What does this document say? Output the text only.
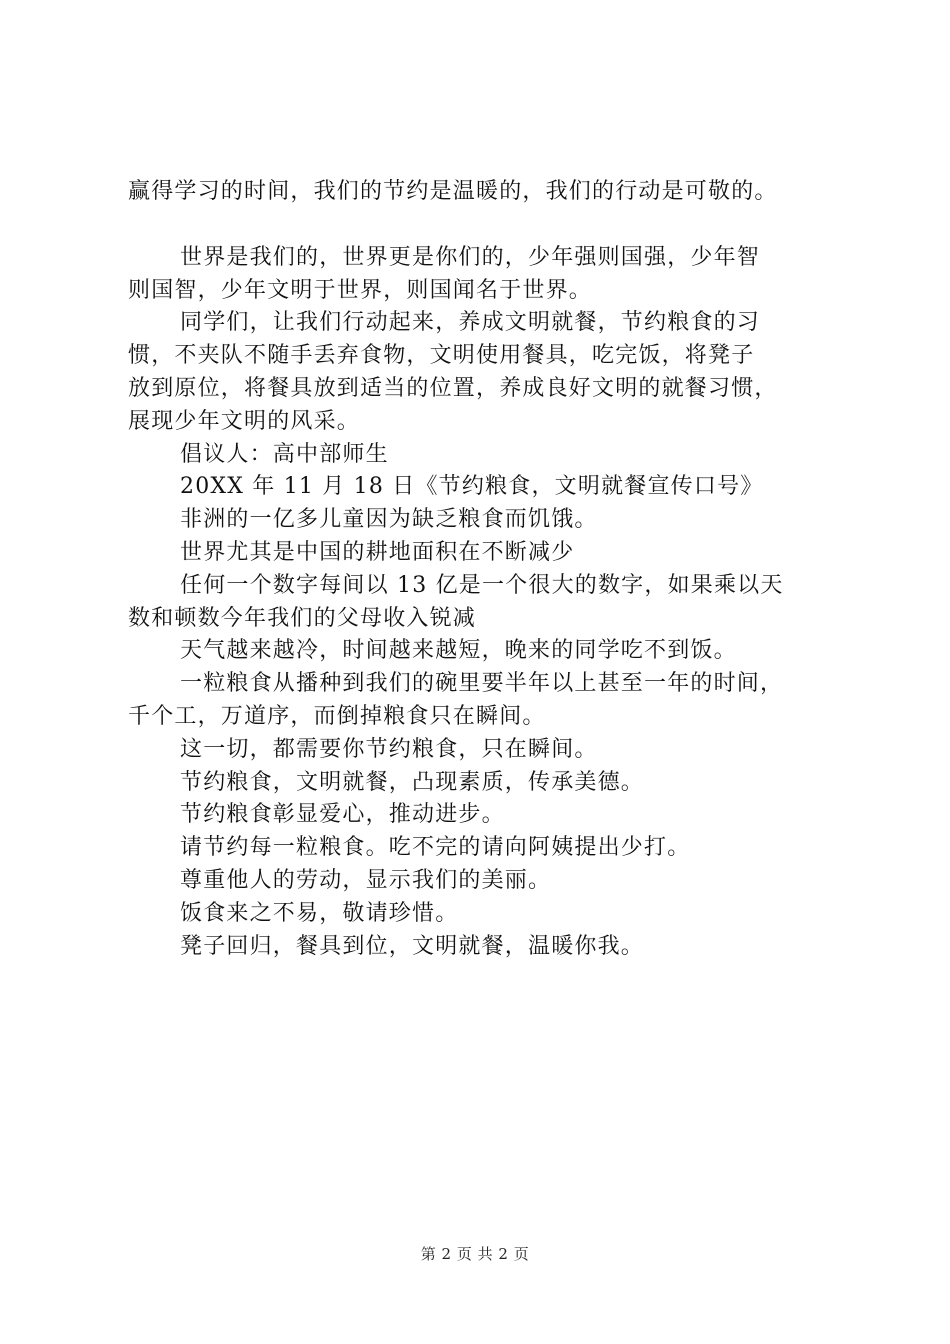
赢得学习的时间，我们的节约是温暖的，我们的行动是可敬的。

世界是我们的，世界更是你们的，少年强则国强，少年智

则国智，少年文明于世界，则国闻名于世界。

同学们，让我们行动起来，养成文明就餐，节约粮食的习

惯，不夹队不随手丢弃食物，文明使用餐具，吃完饭，将凳子

放到原位，将餐具放到适当的位置，养成良好文明的就餐习惯，

展现少年文明的风采。

倡议人：高中部师生

20XX 年 11 月 18 日《节约粮食，文明就餐宣传口号》

非洲的一亿多儿童因为缺乏粮食而饥饿。

世界尤其是中国的耕地面积在不断减少

任何一个数字每间以 13 亿是一个很大的数字，如果乘以天

数和顿数今年我们的父母收入锐减

天气越来越冷，时间越来越短，晚来的同学吃不到饭。

一粒粮食从播种到我们的碗里要半年以上甚至一年的时间，

千个工，万道序，而倒掉粮食只在瞬间。

这一切，都需要你节约粮食，只在瞬间。

节约粮食，文明就餐，凸现素质，传承美德。

节约粮食彰显爱心，推动进步。

请节约每一粒粮食。吃不完的请向阿姨提出少打。

尊重他人的劳动，显示我们的美丽。

饭食来之不易，敬请珍惜。

凳子回归，餐具到位，文明就餐，温暖你我。

第 2 页 共 2 页
